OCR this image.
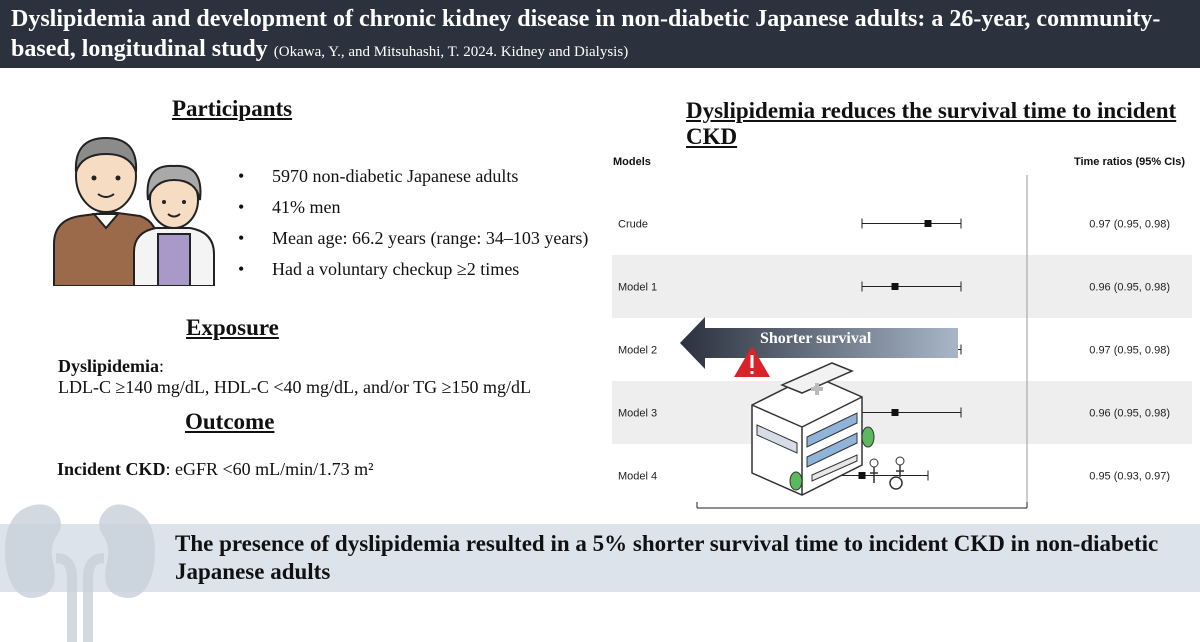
Dyslipidemia and development of chronic kidney disease in non-diabetic Japanese adults: a 26-year, community-based, longitudinal study (Okawa, Y., and Mitsuhashi, T. 2024. Kidney and Dialysis)
Participants
• 5970 non-diabetic Japanese adults
• 41% men
• Mean age: 66.2 years (range: 34–103 years)
• Had a voluntary checkup ≥2 times
Exposure
Dyslipidemia:
LDL-C ≥140 mg/dL, HDL-C <40 mg/dL, and/or TG ≥150 mg/dL
Outcome
Incident CKD: eGFR <60 mL/min/1.73 m²
Dyslipidemia reduces the survival time to incident CKD
Models	Time ratios (95% CIs)
Crude	0.97 (0.95, 0.98)
Model 1	0.96 (0.95, 0.98)
Model 2	0.97 (0.95, 0.98)
Model 3	0.96 (0.95, 0.98)
Model 4	0.95 (0.93, 0.97)
Shorter survival
The presence of dyslipidemia resulted in a 5% shorter survival time to incident CKD in non-diabetic Japanese adults
